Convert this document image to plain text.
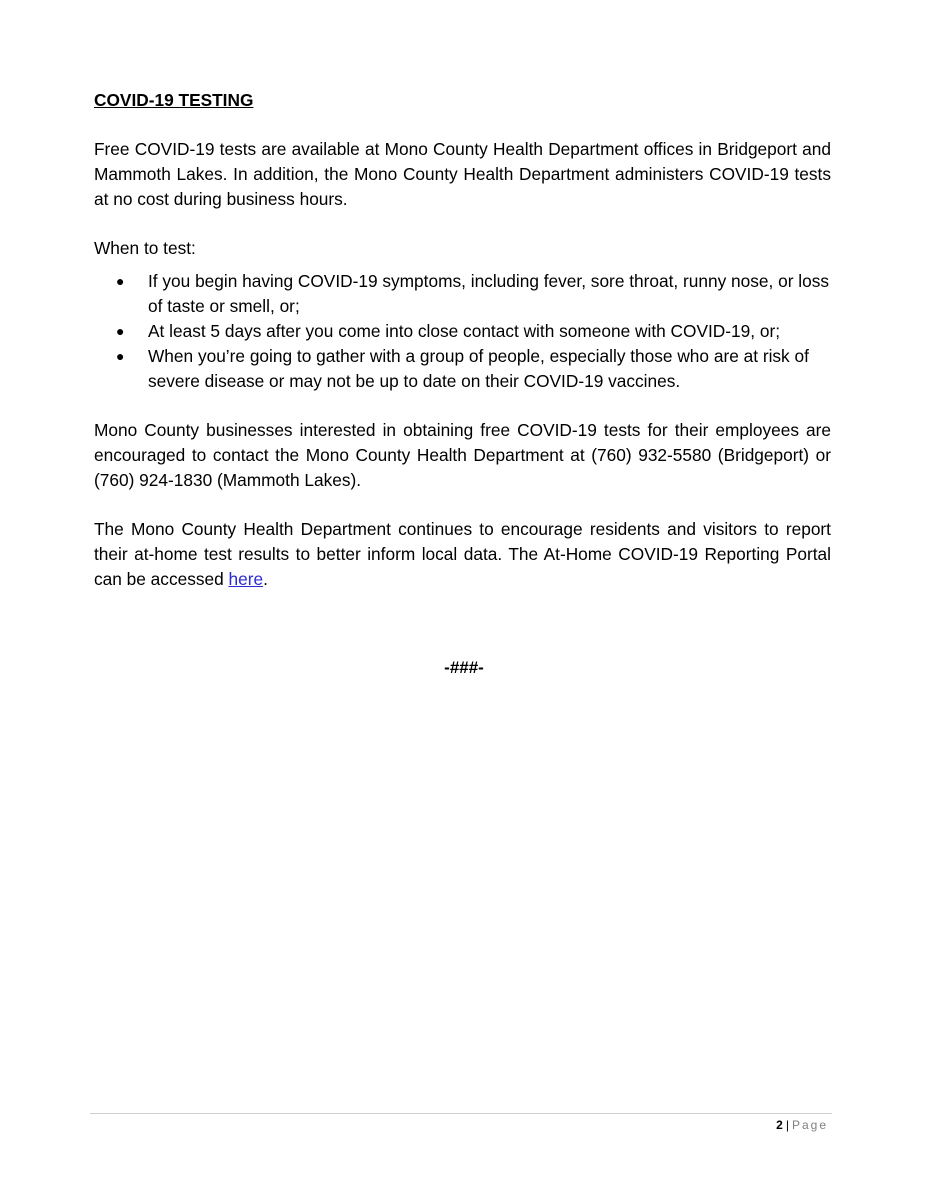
COVID-19 TESTING

Free COVID-19 tests are available at Mono County Health Department offices in Bridgeport and Mammoth Lakes. In addition, the Mono County Health Department administers COVID-19 tests at no cost during business hours.

When to test:

● If you begin having COVID-19 symptoms, including fever, sore throat, runny nose, or loss of taste or smell, or;
● At least 5 days after you come into close contact with someone with COVID-19, or;
● When you’re going to gather with a group of people, especially those who are at risk of severe disease or may not be up to date on their COVID-19 vaccines.

Mono County businesses interested in obtaining free COVID-19 tests for their employees are encouraged to contact the Mono County Health Department at (760) 932-5580 (Bridgeport) or (760) 924-1830 (Mammoth Lakes).

The Mono County Health Department continues to encourage residents and visitors to report their at-home test results to better inform local data. The At-Home COVID-19 Reporting Portal can be accessed here.

-###-
2 | Page
